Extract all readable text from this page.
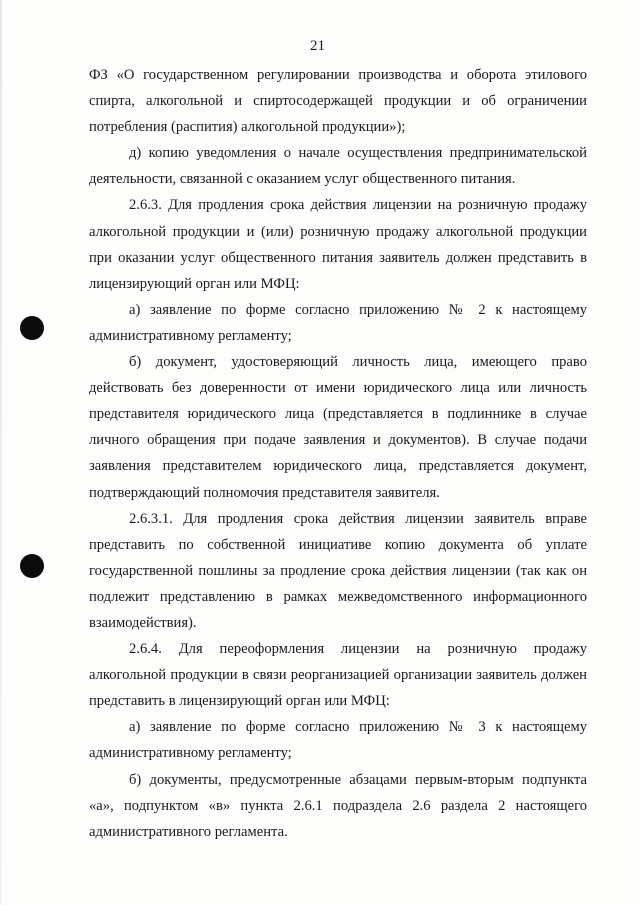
21

ФЗ «О государственном регулировании производства и оборота этилового спирта, алкогольной и спиртосодержащей продукции и об ограничении потребления (распития) алкогольной продукции»);

д) копию уведомления о начале осуществления предпринимательской деятельности, связанной с оказанием услуг общественного питания.

2.6.3. Для продления срока действия лицензии на розничную продажу алкогольной продукции и (или) розничную продажу алкогольной продукции при оказании услуг общественного питания заявитель должен представить в лицензирующий орган или МФЦ:

а) заявление по форме согласно приложению № 2 к настоящему административному регламенту;

б) документ, удостоверяющий личность лица, имеющего право действовать без доверенности от имени юридического лица или личность представителя юридического лица (представляется в подлиннике в случае личного обращения при подаче заявления и документов). В случае подачи заявления представителем юридического лица, представляется документ, подтверждающий полномочия представителя заявителя.

2.6.3.1. Для продления срока действия лицензии заявитель вправе представить по собственной инициативе копию документа об уплате государственной пошлины за продление срока действия лицензии (так как он подлежит представлению в рамках межведомственного информационного взаимодействия).

2.6.4. Для переоформления лицензии на розничную продажу алкогольной продукции в связи реорганизацией организации заявитель должен представить в лицензирующий орган или МФЦ:

а) заявление по форме согласно приложению № 3 к настоящему административному регламенту;

б) документы, предусмотренные абзацами первым-вторым подпункта «а», подпунктом «в» пункта 2.6.1 подраздела 2.6 раздела 2 настоящего административного регламента.
